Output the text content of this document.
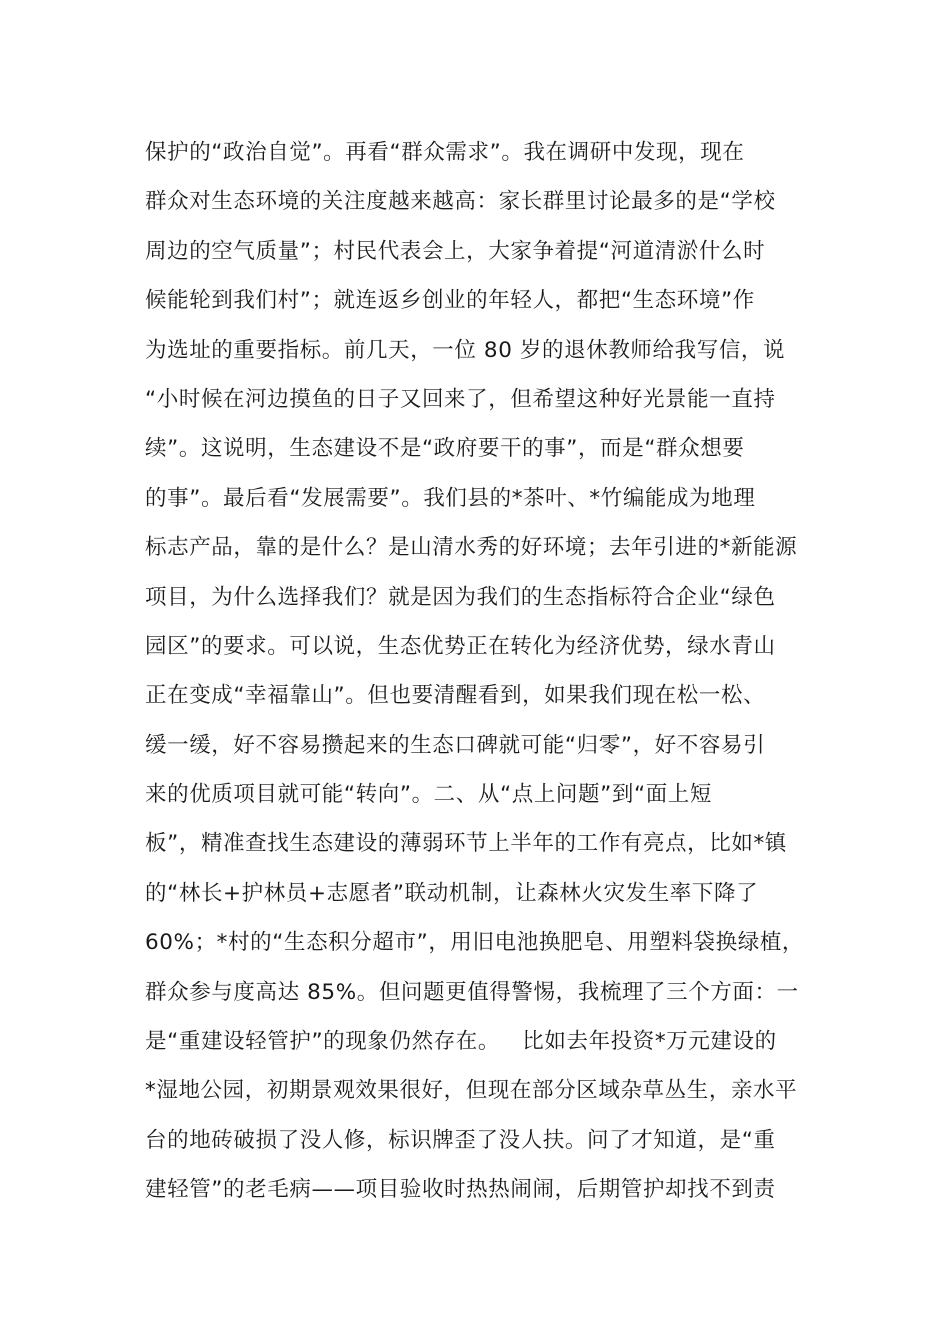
保护的“政治自觉”。再看“群众需求”。我在调研中发现，现在
群众对生态环境的关注度越来越高：家长群里讨论最多的是“学校
周边的空气质量”；村民代表会上，大家争着提“河道清淤什么时
候能轮到我们村”；就连返乡创业的年轻人，都把“生态环境”作
为选址的重要指标。前几天，一位 80 岁的退休教师给我写信，说
“小时候在河边摸鱼的日子又回来了，但希望这种好光景能一直持
续”。这说明，生态建设不是“政府要干的事”，而是“群众想要
的事”。最后看“发展需要”。我们县的*茶叶、*竹编能成为地理
标志产品，靠的是什么？是山清水秀的好环境；去年引进的*新能源
项目，为什么选择我们？就是因为我们的生态指标符合企业“绿色
园区”的要求。可以说，生态优势正在转化为经济优势，绿水青山
正在变成“幸福靠山”。但也要清醒看到，如果我们现在松一松、
缓一缓，好不容易攒起来的生态口碑就可能“归零”，好不容易引
来的优质项目就可能“转向”。二、从“点上问题”到“面上短
板”，精准查找生态建设的薄弱环节上半年的工作有亮点，比如*镇
的“林长+护林员+志愿者”联动机制，让森林火灾发生率下降了
60%；*村的“生态积分超市”，用旧电池换肥皂、用塑料袋换绿植，
群众参与度高达 85%。但问题更值得警惕，我梳理了三个方面：一
是“重建设轻管护”的现象仍然存在。   比如去年投资*万元建设的
*湿地公园，初期景观效果很好，但现在部分区域杂草丛生，亲水平
台的地砖破损了没人修，标识牌歪了没人扶。问了才知道，是“重
建轻管”的老毛病——项目验收时热热闹闹，后期管护却找不到责
